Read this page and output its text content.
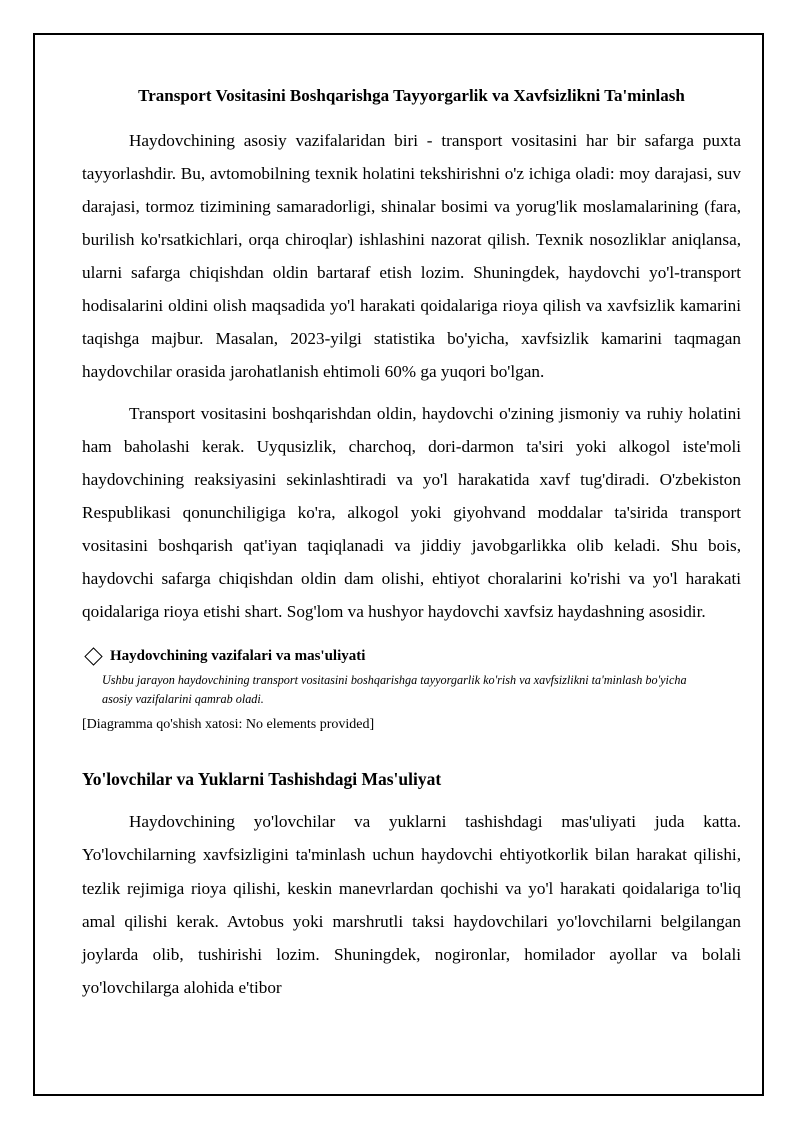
Transport Vositasini Boshqarishga Tayyorgarlik va Xavfsizlikni Ta'minlash

Haydovchining asosiy vazifalaridan biri - transport vositasini har bir safarga puxta tayyorlashdir. Bu, avtomobilning texnik holatini tekshirishni o'z ichiga oladi: moy darajasi, suv darajasi, tormoz tizimining samaradorligi, shinalar bosimi va yorug'lik moslamalarining (fara, burilish ko'rsatkichlari, orqa chiroqlar) ishlashini nazorat qilish. Texnik nosozliklar aniqlansa, ularni safarga chiqishdan oldin bartaraf etish lozim. Shuningdek, haydovchi yo'l-transport hodisalarini oldini olish maqsadida yo'l harakati qoidalariga rioya qilish va xavfsizlik kamarini taqishga majbur. Masalan, 2023-yilgi statistika bo'yicha, xavfsizlik kamarini taqmagan haydovchilar orasida jarohatlanish ehtimoli 60% ga yuqori bo'lgan.

Transport vositasini boshqarishdan oldin, haydovchi o'zining jismoniy va ruhiy holatini ham baholashi kerak. Uyqusizlik, charchoq, dori-darmon ta'siri yoki alkogol iste'moli haydovchining reaksiyasini sekinlashtiradi va yo'l harakatida xavf tug'diradi. O'zbekiston Respublikasi qonunchiligiga ko'ra, alkogol yoki giyohvand moddalar ta'sirida transport vositasini boshqarish qat'iyan taqiqlanadi va jiddiy javobgarlikka olib keladi. Shu bois, haydovchi safarga chiqishdan oldin dam olishi, ehtiyot choralarini ko'rishi va yo'l harakati qoidalariga rioya etishi shart. Sog'lom va hushyor haydovchi xavfsiz haydashning asosidir.

Haydovchining vazifalari va mas'uliyati
Ushbu jarayon haydovchining transport vositasini boshqarishga tayyorgarlik ko'rish va xavfsizlikni ta'minlash bo'yicha asosiy vazifalarini qamrab oladi.
[Diagramma qo'shish xatosi: No elements provided]
Yo'lovchilar va Yuklarni Tashishdagi Mas'uliyat

Haydovchining yo'lovchilar va yuklarni tashishdagi mas'uliyati juda katta. Yo'lovchilarning xavfsizligini ta'minlash uchun haydovchi ehtiyotkorlik bilan harakat qilishi, tezlik rejimiga rioya qilishi, keskin manevrlardan qochishi va yo'l harakati qoidalariga to'liq amal qilishi kerak. Avtobus yoki marshrutli taksi haydovchilari yo'lovchilarni belgilangan joylarda olib, tushirishi lozim. Shuningdek, nogironlar, homilador ayollar va bolali yo'lovchilarga alohida e'tibor
